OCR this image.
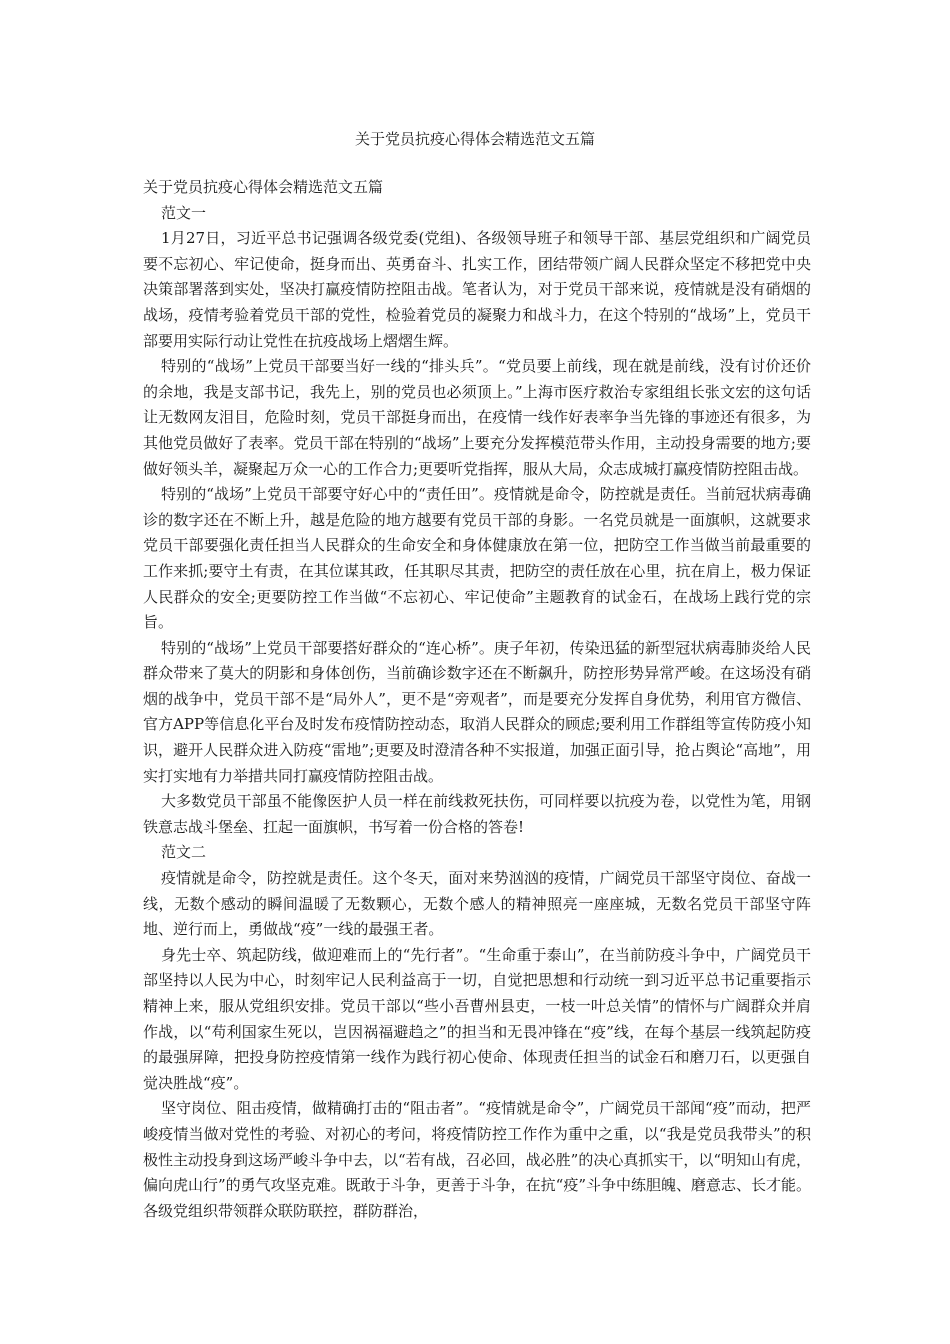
关于党员抗疫心得体会精选范文五篇

关于党员抗疫心得体会精选范文五篇

范文一

1月27日，习近平总书记强调各级党委(党组)、各级领导班子和领导干部、基层党组织和广阔党员要不忘初心、牢记使命，挺身而出、英勇奋斗、扎实工作，团结带领广阔人民群众坚定不移把党中央决策部署落到实处，坚决打赢疫情防控阻击战。笔者认为，对于党员干部来说，疫情就是没有硝烟的战场，疫情考验着党员干部的党性，检验着党员的凝聚力和战斗力，在这个特别的“战场”上，党员干部要用实际行动让党性在抗疫战场上熠熠生辉。

特别的“战场”上党员干部要当好一线的“排头兵”。“党员要上前线，现在就是前线，没有讨价还价的余地，我是支部书记，我先上，别的党员也必须顶上。”上海市医疗救治专家组组长张文宏的这句话让无数网友泪目，危险时刻，党员干部挺身而出，在疫情一线作好表率争当先锋的事迹还有很多，为其他党员做好了表率。党员干部在特别的“战场”上要充分发挥模范带头作用，主动投身需要的地方;要做好领头羊，凝聚起万众一心的工作合力;更要听党指挥，服从大局，众志成城打赢疫情防控阻击战。

特别的“战场”上党员干部要守好心中的“责任田”。疫情就是命令，防控就是责任。当前冠状病毒确诊的数字还在不断上升，越是危险的地方越要有党员干部的身影。一名党员就是一面旗帜，这就要求党员干部要强化责任担当人民群众的生命安全和身体健康放在第一位，把防空工作当做当前最重要的工作来抓;要守土有责，在其位谋其政，任其职尽其责，把防空的责任放在心里，抗在肩上，极力保证人民群众的安全;更要防控工作当做“不忘初心、牢记使命”主题教育的试金石，在战场上践行党的宗旨。

特别的“战场”上党员干部要搭好群众的“连心桥”。庚子年初，传染迅猛的新型冠状病毒肺炎给人民群众带来了莫大的阴影和身体创伤，当前确诊数字还在不断飙升，防控形势异常严峻。在这场没有硝烟的战争中，党员干部不是“局外人”，更不是“旁观者”，而是要充分发挥自身优势，利用官方微信、官方APP等信息化平台及时发布疫情防控动态，取消人民群众的顾虑;要利用工作群组等宣传防疫小知识，避开人民群众进入防疫“雷地”;更要及时澄清各种不实报道，加强正面引导，抢占舆论“高地”，用实打实地有力举措共同打赢疫情防控阻击战。

大多数党员干部虽不能像医护人员一样在前线救死扶伤，可同样要以抗疫为卷，以党性为笔，用钢铁意志战斗堡垒、扛起一面旗帜，书写着一份合格的答卷!

范文二

疫情就是命令，防控就是责任。这个冬天，面对来势汹汹的疫情，广阔党员干部坚守岗位、奋战一线，无数个感动的瞬间温暖了无数颗心，无数个感人的精神照亮一座座城，无数名党员干部坚守阵地、逆行而上，勇做战“疫”一线的最强王者。

身先士卒、筑起防线，做迎难而上的“先行者”。“生命重于泰山”，在当前防疫斗争中，广阔党员干部坚持以人民为中心，时刻牢记人民利益高于一切，自觉把思想和行动统一到习近平总书记重要指示精神上来，服从党组织安排。党员干部以“些小吾曹州县吏，一枝一叶总关情”的情怀与广阔群众并肩作战，以“苟利国家生死以，岂因祸福避趋之”的担当和无畏冲锋在“疫”线，在每个基层一线筑起防疫的最强屏障，把投身防控疫情第一线作为践行初心使命、体现责任担当的试金石和磨刀石，以更强自觉决胜战“疫”。

坚守岗位、阻击疫情，做精确打击的“阻击者”。“疫情就是命令”，广阔党员干部闻“疫”而动，把严峻疫情当做对党性的考验、对初心的考问，将疫情防控工作作为重中之重，以“我是党员我带头”的积极性主动投身到这场严峻斗争中去，以“若有战，召必回，战必胜”的决心真抓实干，以“明知山有虎，偏向虎山行”的勇气攻坚克难。既敢于斗争，更善于斗争，在抗“疫”斗争中练胆魄、磨意志、长才能。各级党组织带领群众联防联控，群防群治，
